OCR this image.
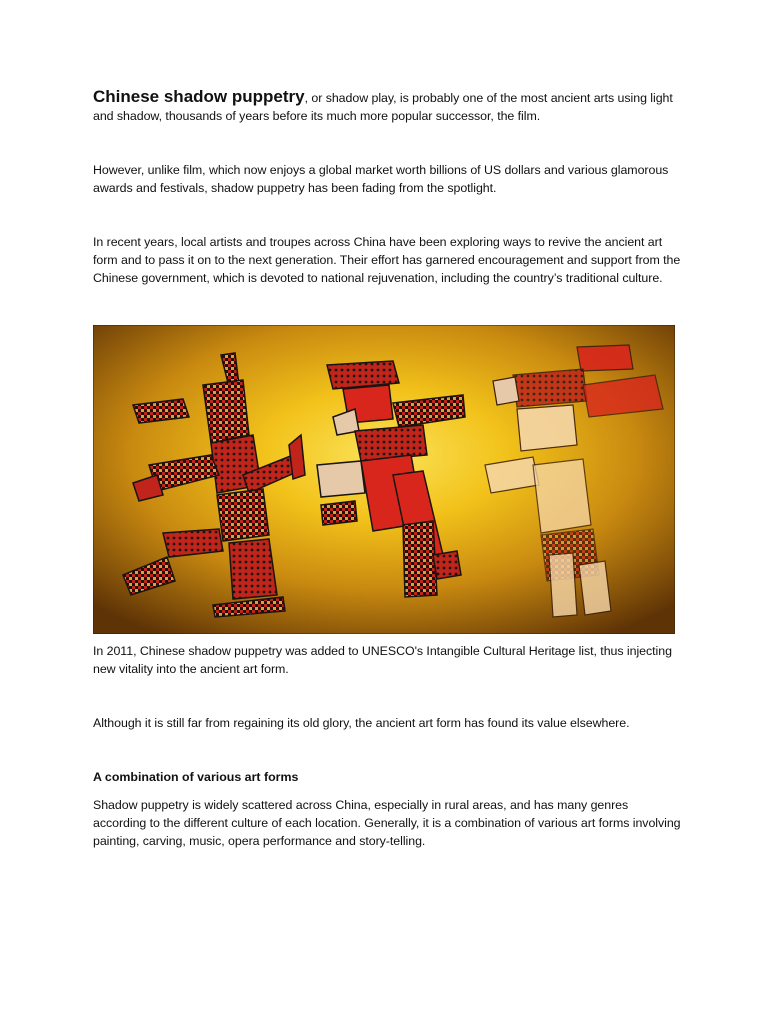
Chinese shadow puppetry, or shadow play, is probably one of the most ancient arts using light and shadow, thousands of years before its much more popular successor, the film.

However, unlike film, which now enjoys a global market worth billions of US dollars and various glamorous awards and festivals, shadow puppetry has been fading from the spotlight.

In recent years, local artists and troupes across China have been exploring ways to revive the ancient art form and to pass it on to the next generation. Their effort has garnered encouragement and support from the Chinese government, which is devoted to national rejuvenation, including the country’s traditional culture.

In 2011, Chinese shadow puppetry was added to UNESCO's Intangible Cultural Heritage list, thus injecting new vitality into the ancient art form.

Although it is still far from regaining its old glory, the ancient art form has found its value elsewhere.

A combination of various art forms

Shadow puppetry is widely scattered across China, especially in rural areas, and has many genres according to the different culture of each location. Generally, it is a combination of various art forms involving painting, carving, music, opera performance and story-telling.
